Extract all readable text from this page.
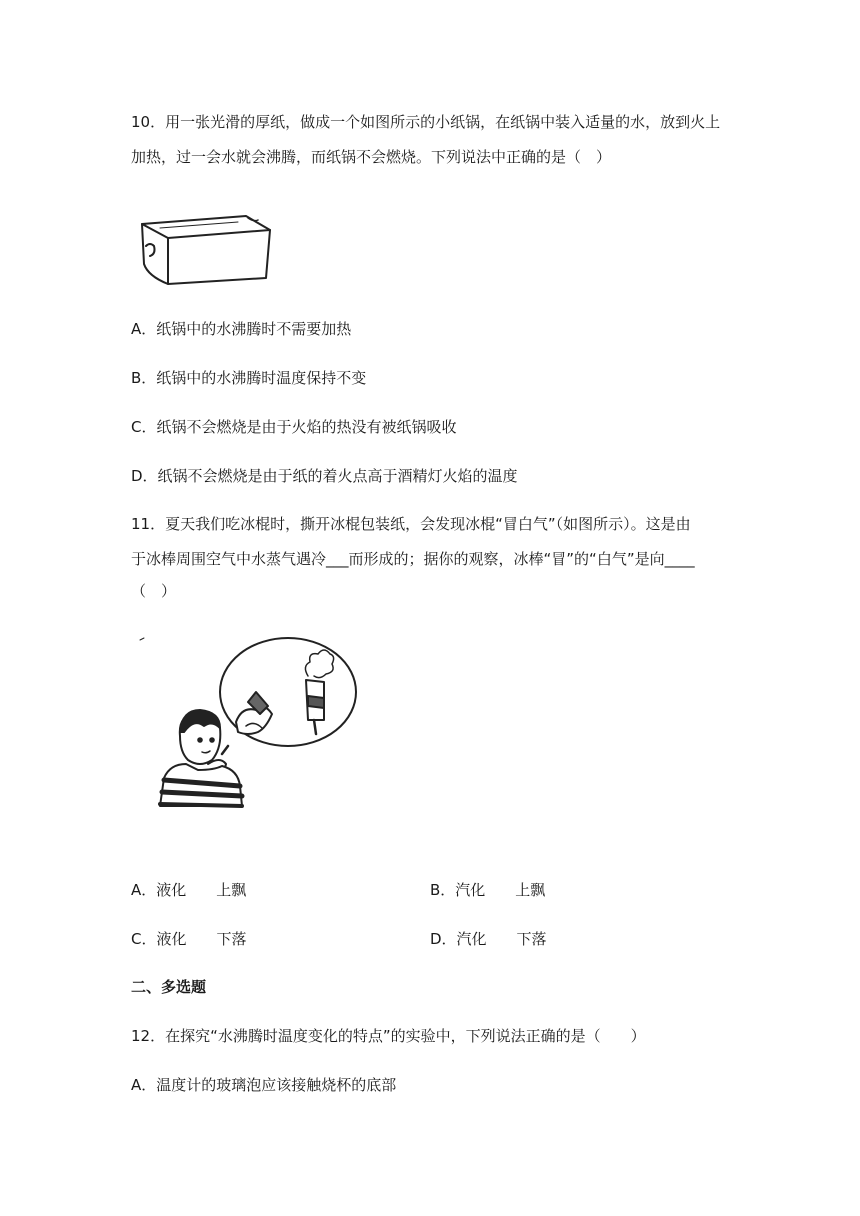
10．用一张光滑的厚纸，做成一个如图所示的小纸锅，在纸锅中装入适量的水，放到火上
加热，过一会水就会沸腾，而纸锅不会燃烧。下列说法中正确的是（　）
A．纸锅中的水沸腾时不需要加热
B．纸锅中的水沸腾时温度保持不变
C．纸锅不会燃烧是由于火焰的热没有被纸锅吸收
D．纸锅不会燃烧是由于纸的着火点高于酒精灯火焰的温度
11．夏天我们吃冰棍时，撕开冰棍包装纸，会发现冰棍“冒白气”（如图所示）。这是由
于冰棒周围空气中水蒸气遇冷___而形成的；据你的观察，冰棒“冒”的“白气”是向____
（　）
A．液化　　上飘	B．汽化　　上飘
C．液化　　下落	D．汽化　　下落
二、多选题
12．在探究“水沸腾时温度变化的特点”的实验中，下列说法正确的是（　　）
A．温度计的玻璃泡应该接触烧杯的底部
